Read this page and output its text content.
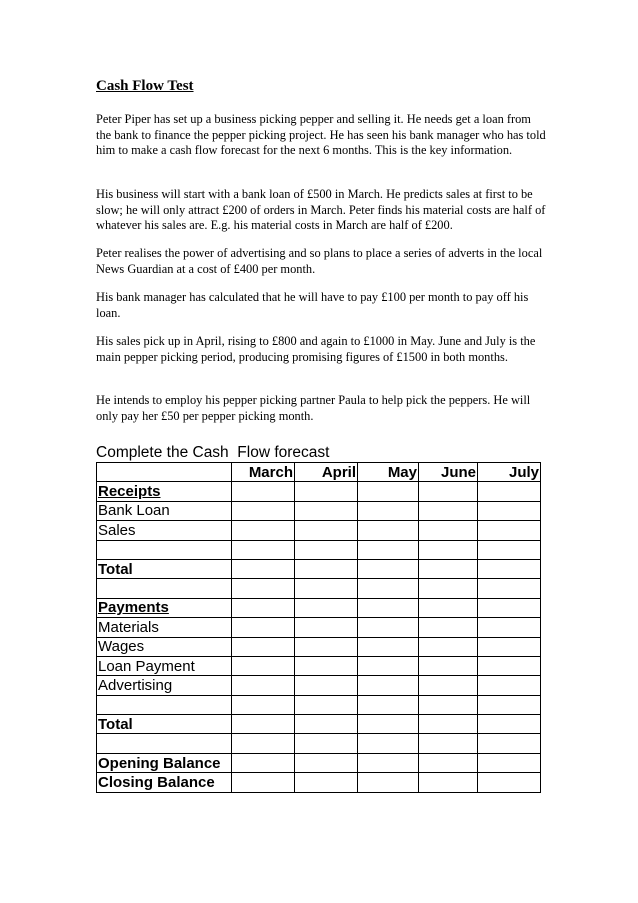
Cash Flow Test
Peter Piper has set up a business picking pepper and selling it. He needs get a loan from the bank to finance the pepper picking project. He has seen his bank manager who has told him to make a cash flow forecast for the next 6 months. This is the key information.
His business will start with a bank loan of £500 in March. He predicts sales at first to be slow; he will only attract £200 of orders in March. Peter finds his material costs are half of whatever his sales are. E.g. his material costs in March are half of £200.
Peter realises the power of advertising and so plans to place a series of adverts in the local News Guardian at a cost of £400 per month.
His bank manager has calculated that he will have to pay £100 per month to pay off his loan.
His sales pick up in April, rising to £800 and again to £1000 in May. June and July is the main pepper picking period, producing promising figures of £1500 in both months.
He intends to employ his pepper picking partner Paula to help pick the peppers. He will only pay her £50 per pepper picking month.
Complete the Cash  Flow forecast
	March	April	May	June	July
Receipts					
Bank Loan					
Sales					

Total					

Payments					
Materials					
Wages					
Loan Payment					
Advertising					

Total					

Opening Balance					
Closing Balance					
